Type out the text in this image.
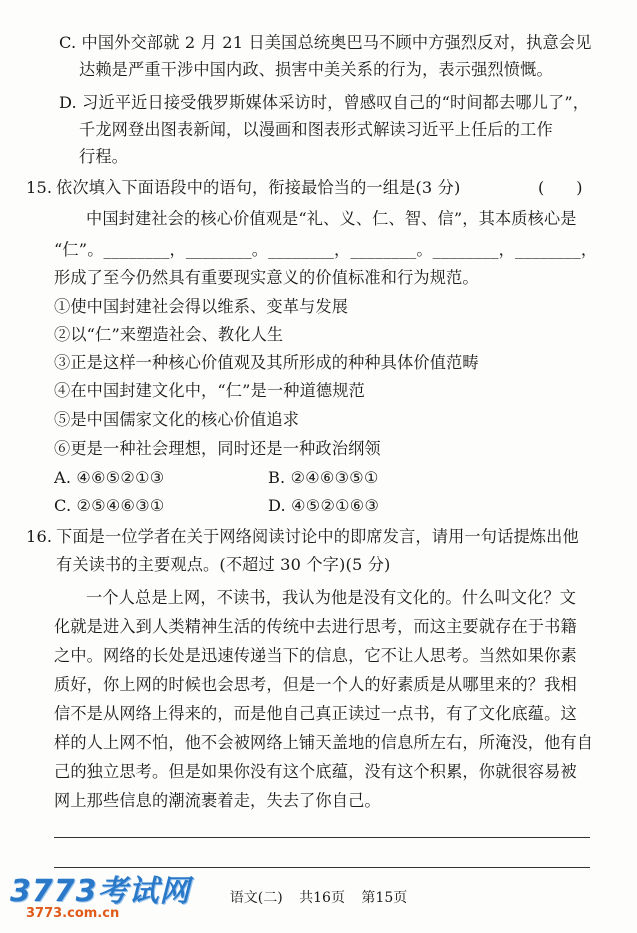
C. 中国外交部就 2 月 21 日美国总统奥巴马不顾中方强烈反对，执意会见
达赖是严重干涉中国内政、损害中美关系的行为，表示强烈愤慨。
D. 习近平近日接受俄罗斯媒体采访时，曾感叹自己的“时间都去哪儿了”，
千龙网登出图表新闻，以漫画和图表形式解读习近平上任后的工作
行程。
15. 依次填入下面语段中的语句，衔接最恰当的一组是(3 分)	(　　)
中国封建社会的核心价值观是“礼、义、仁、智、信”，其本质核心是
“仁”。________，________。________，________。________，________，
形成了至今仍然具有重要现实意义的价值标准和行为规范。
①使中国封建社会得以维系、变革与发展
②以“仁”来塑造社会、教化人生
③正是这样一种核心价值观及其所形成的种种具体价值范畴
④在中国封建文化中，“仁”是一种道德规范
⑤是中国儒家文化的核心价值追求
⑥更是一种社会理想，同时还是一种政治纲领
A. ④⑥⑤②①③	B. ②④⑥③⑤①
C. ②⑤④⑥③①	D. ④⑤②①⑥③
16. 下面是一位学者在关于网络阅读讨论中的即席发言，请用一句话提炼出他
有关读书的主要观点。(不超过 30 个字)(5 分)
一个人总是上网，不读书，我认为他是没有文化的。什么叫文化？文
化就是进入到人类精神生活的传统中去进行思考，而这主要就存在于书籍
之中。网络的长处是迅速传递当下的信息，它不让人思考。当然如果你素
质好，你上网的时候也会思考，但是一个人的好素质是从哪里来的？我相
信不是从网络上得来的，而是他自己真正读过一点书，有了文化底蕴。这
样的人上网不怕，他不会被网络上铺天盖地的信息所左右，所淹没，他有自
己的独立思考。但是如果你没有这个底蕴，没有这个积累，你就很容易被
网上那些信息的潮流裹着走，失去了你自己。
3773考试网
3773.com.cn
语文(二) 共16页 第15页
